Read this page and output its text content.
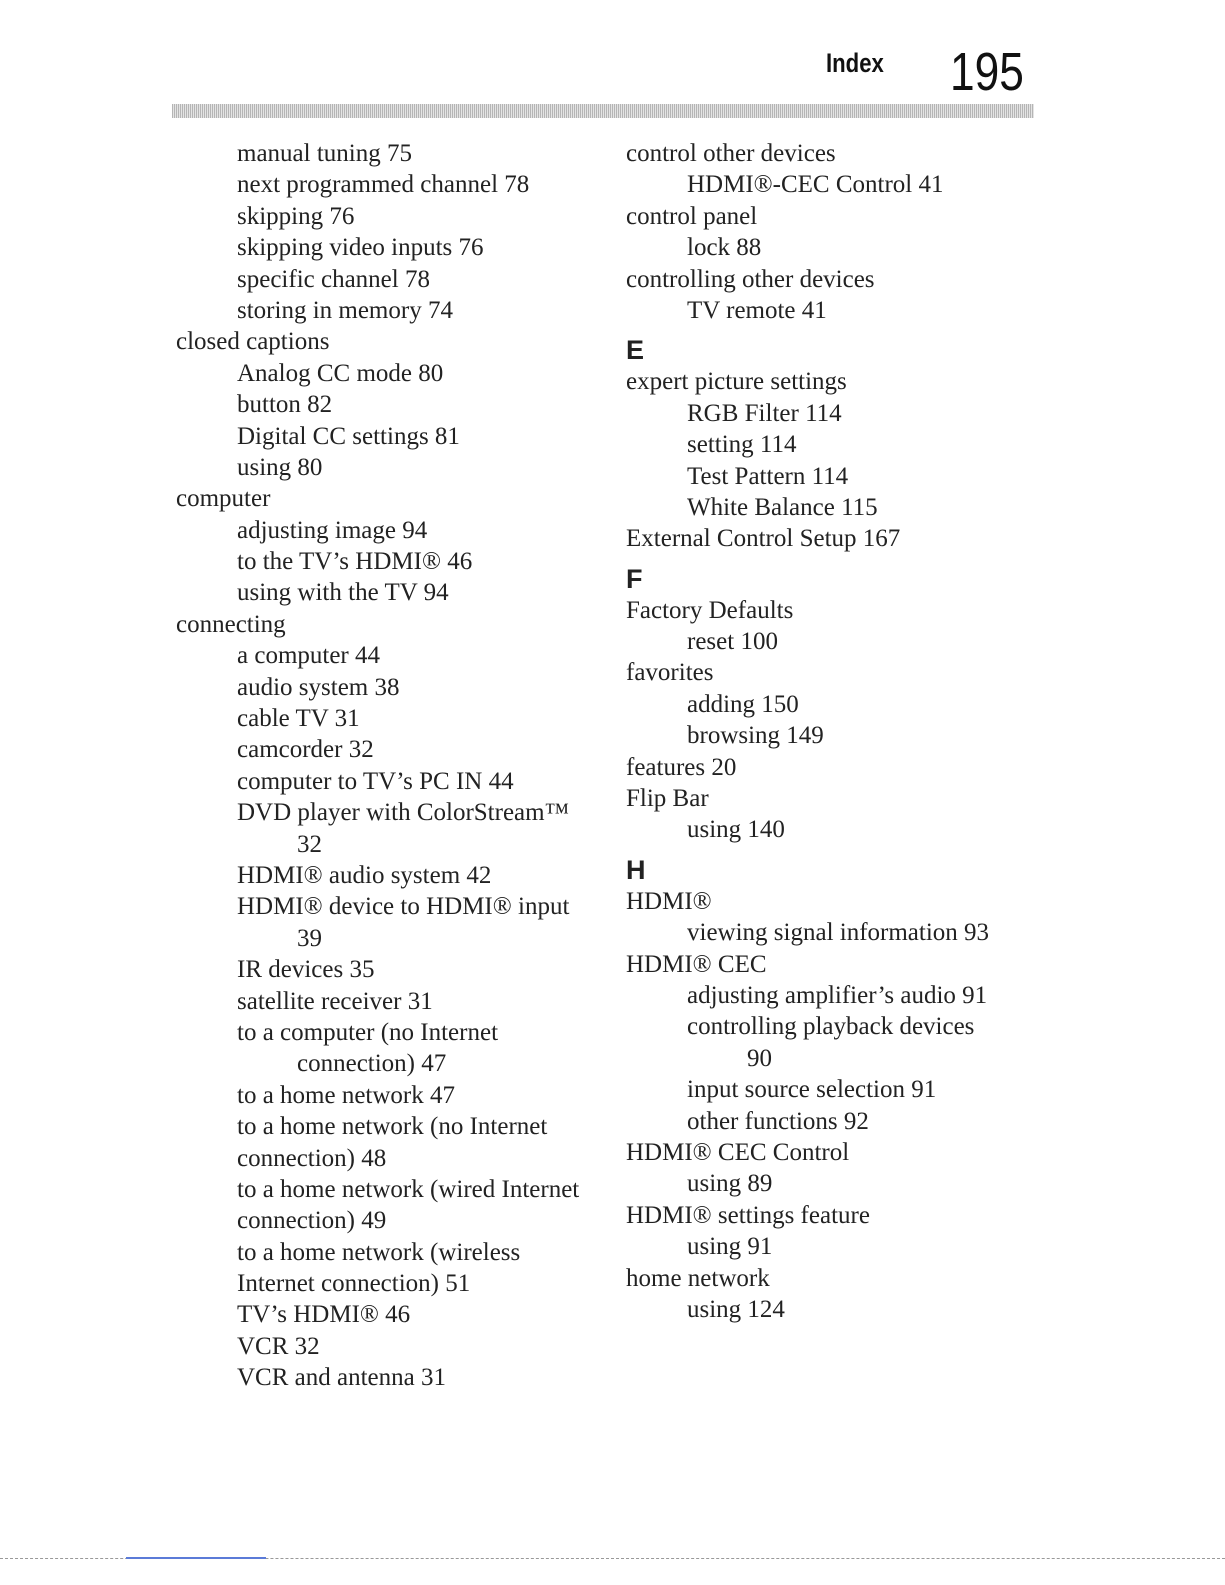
Index 195
manual tuning 75
next programmed channel 78
skipping 76
skipping video inputs 76
specific channel 78
storing in memory 74
closed captions
Analog CC mode 80
button 82
Digital CC settings 81
using 80
computer
adjusting image 94
to the TV’s HDMI® 46
using with the TV 94
connecting
a computer 44
audio system 38
cable TV 31
camcorder 32
computer to TV’s PC IN 44
DVD player with ColorStream™
32
HDMI® audio system 42
HDMI® device to HDMI® input
39
IR devices 35
satellite receiver 31
to a computer (no Internet
connection) 47
to a home network 47
to a home network (no Internet
connection) 48
to a home network (wired Internet
connection) 49
to a home network (wireless
Internet connection) 51
TV’s HDMI® 46
VCR 32
VCR and antenna 31
control other devices
HDMI®-CEC Control 41
control panel
lock 88
controlling other devices
TV remote 41
E
expert picture settings
RGB Filter 114
setting 114
Test Pattern 114
White Balance 115
External Control Setup 167
F
Factory Defaults
reset 100
favorites
adding 150
browsing 149
features 20
Flip Bar
using 140
H
HDMI®
viewing signal information 93
HDMI® CEC
adjusting amplifier’s audio 91
controlling playback devices
90
input source selection 91
other functions 92
HDMI® CEC Control
using 89
HDMI® settings feature
using 91
home network
using 124
